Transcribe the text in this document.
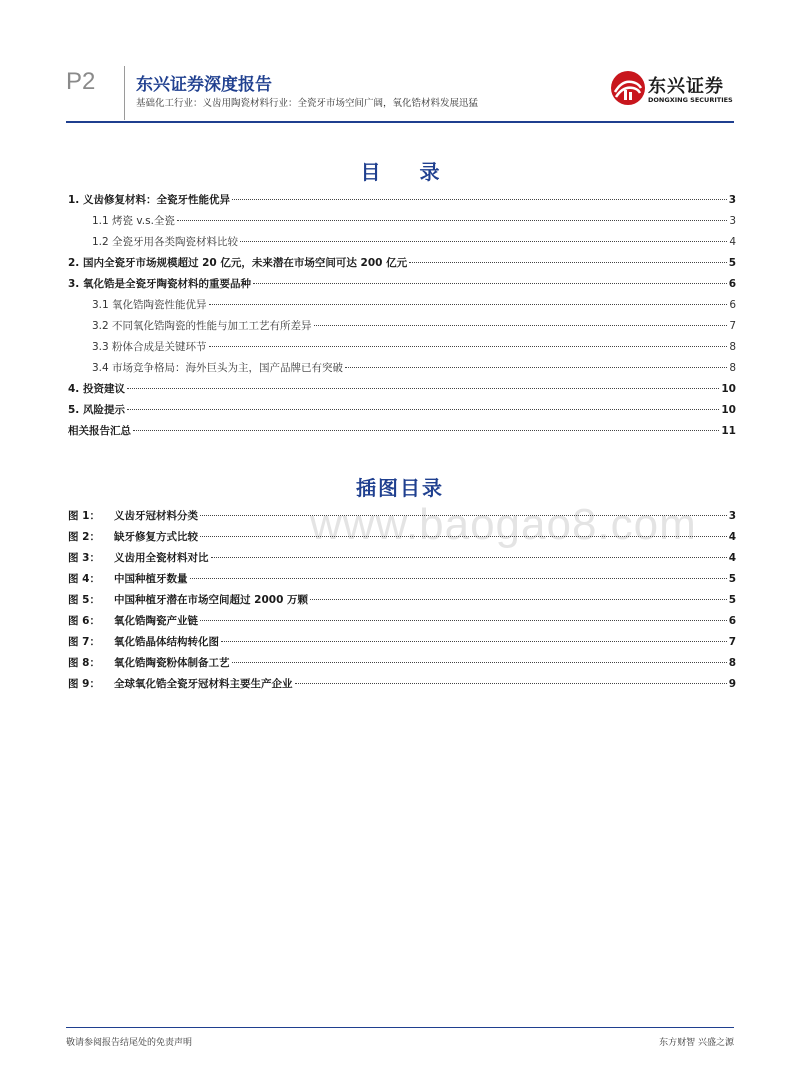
P2 东兴证券深度报告
基础化工行业：义齿用陶瓷材料行业：全瓷牙市场空间广阔，氧化锆材料发展迅猛
东兴证券
DONGXING SECURITIES
目 录
1. 义齿修复材料：全瓷牙性能优异	3
1.1 烤瓷 v.s.全瓷	3
1.2 全瓷牙用各类陶瓷材料比较	4
2. 国内全瓷牙市场规模超过 20 亿元，未来潜在市场空间可达 200 亿元	5
3. 氧化锆是全瓷牙陶瓷材料的重要品种	6
3.1 氧化锆陶瓷性能优异	6
3.2 不同氧化锆陶瓷的性能与加工工艺有所差异	7
3.3 粉体合成是关键环节	8
3.4 市场竞争格局：海外巨头为主，国产品牌已有突破	8
4. 投资建议	10
5. 风险提示	10
相关报告汇总	11
插图目录
www.baogao8.com
图 1：	义齿牙冠材料分类	3
图 2：	缺牙修复方式比较	4
图 3：	义齿用全瓷材料对比	4
图 4：	中国种植牙数量	5
图 5：	中国种植牙潜在市场空间超过 2000 万颗	5
图 6：	氧化锆陶瓷产业链	6
图 7：	氧化锆晶体结构转化图	7
图 8：	氧化锆陶瓷粉体制备工艺	8
图 9：	全球氧化锆全瓷牙冠材料主要生产企业	9
敬请参阅报告结尾处的免责声明	东方财智 兴盛之源
